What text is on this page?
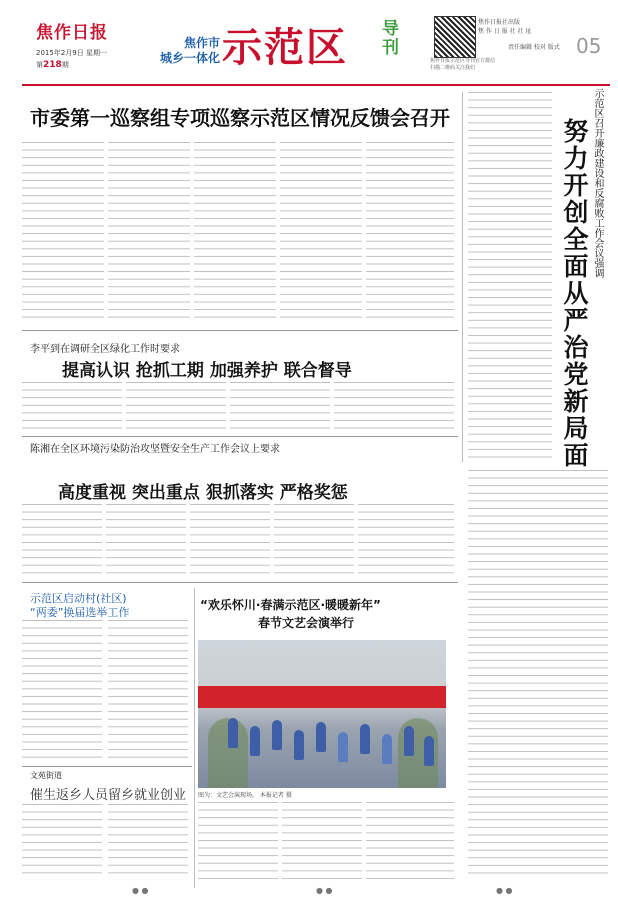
焦作日报
2015年2月9日 星期一
第218期
焦作市
城乡一体化 示范区 导刊
焦作日报示范区导刊官方微信 扫描二维码关注我们
焦作日报社出版
焦 作 日 报 社 社 址
责任编辑 校对 版式 05
市委第一巡察组专项巡察示范区情况反馈会召开	示范区召开廉政建设和反腐败工作会议强调
努力开创全面从严治党新局面
李平到在调研全区绿化工作时要求
提高认识 抢抓工期 加强养护 联合督导
陈湘在全区环境污染防治攻坚暨安全生产工作会议上要求
高度重视 突出重点 狠抓落实 严格奖惩
示范区启动村(社区)
“两委”换届选举工作
文苑街道
催生返乡人员留乡就业创业
“欢乐怀川·春满示范区·暖暖新年”
春节文艺会演举行
图为：文艺会演现场。 本报记者 摄
● ●	● ●	● ●
